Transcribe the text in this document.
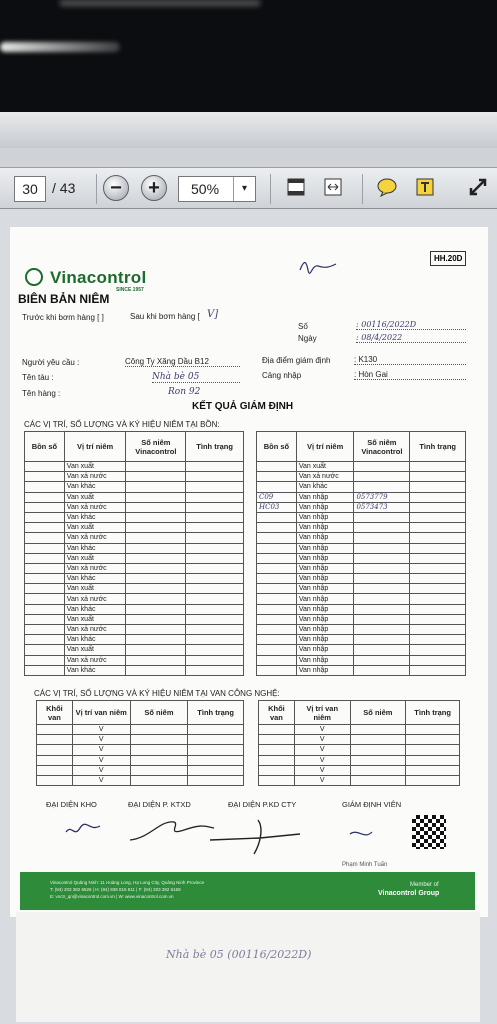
30	/ 43	−	+	50%	▾
Vinacontrol
SINCE 1957
HH.20D
BIÊN BẢN NIÊM
Trước khi bơm hàng [ ]	Sau khi bơm hàng [ V]
Số	: 00116/2022D
Ngày	: 08/4/2022
Người yêu cầu :	Công Ty Xăng Dầu B12	Địa điểm giám định	: K130
Tên tàu :	Nhà bè 05	Cảng nhập	: Hòn Gai
Tên hàng :	Ron 92
KẾT QUẢ GIÁM ĐỊNH
CÁC VỊ TRÍ, SỐ LƯỢNG VÀ KÝ HIỆU NIÊM TẠI BỒN:
Bồn số	Vị trí niêm	Số niêm Vinacontrol	Tình trạng
	Van xuất		
	Van xả nước		
	Van khác		
	Van xuất		
	Van xả nước		
	Van khác		
	Van xuất		
	Van xả nước		
	Van khác		
	Van xuất		
	Van xả nước		
	Van khác		
	Van xuất		
	Van xả nước		
	Van khác		
	Van xuất		
	Van xả nước		
	Van khác		
	Van xuất		
	Van xả nước		
	Van khác		
Bồn số	Vị trí niêm	Số niêm Vinacontrol	Tình trạng
	Van xuất		
	Van xả nước		
	Van khác		
C09	Van nhập	0573779	
HC03	Van nhập	0573473	
	Van nhập		
	Van nhập		
	Van nhập		
	Van nhập		
	Van nhập		
	Van nhập		
	Van nhập		
	Van nhập		
	Van nhập		
	Van nhập		
	Van nhập		
	Van nhập		
	Van nhập		
	Van nhập		
	Van nhập		
	Van nhập		
CÁC VỊ TRÍ, SỐ LƯỢNG VÀ KÝ HIỆU NIÊM TẠI VAN CÔNG NGHỆ:
Khối van	Vị trí van niêm	Số niêm	Tình trạng
	V		
	V		
	V		
	V		
	V		
	V		
Khối van	Vị trí van niêm	Số niêm	Tình trạng
	V		
	V		
	V		
	V		
	V		
	V		
ĐẠI DIỆN KHO	ĐẠI DIỆN P. KTXD	ĐẠI DIỆN P.KD CTY	GIÁM ĐỊNH VIÊN
Phạm Minh Tuấn
Vinacontrol Quảng Ninh: 11 Hoàng Long, Hạ Long City, Quảng Ninh Province
T: (84) 203 382 6526 | H: (84) 938 815 811 | F: (84) 203 382 6169
E: vnctr_qn@vinacontrol.com.vn | W: www.vinacontrol.com.vn
Member of
Vinacontrol Group
Nhà bè 05 (00116/2022D)
